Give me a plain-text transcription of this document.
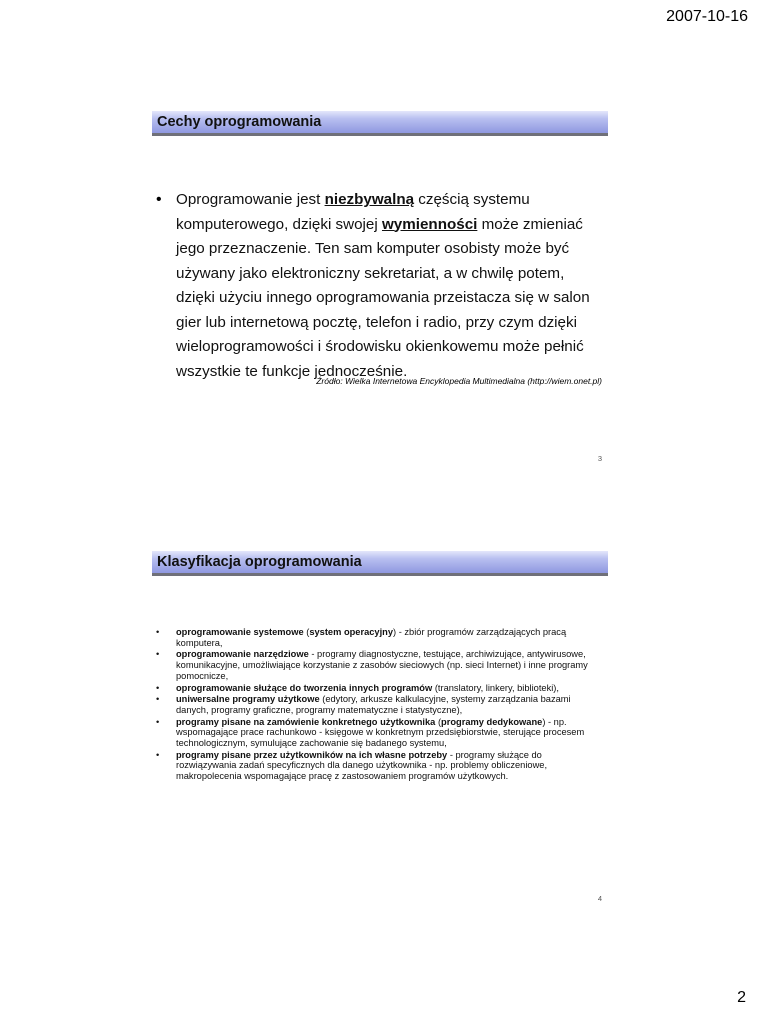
2007-10-16
Cechy oprogramowania
• Oprogramowanie jest niezbywalną częścią systemu komputerowego, dzięki swojej wymienności może zmieniać jego przeznaczenie. Ten sam komputer osobisty może być używany jako elektroniczny sekretariat, a w chwilę potem, dzięki użyciu innego oprogramowania przeistacza się w salon gier lub internetową pocztę, telefon i radio, przy czym dzięki wieloprogramowości i środowisku okienkowemu może pełnić wszystkie te funkcje jednocześnie.

Źródło: Wielka Internetowa Encyklopedia Multimedialna (http://wiem.onet.pl)
3
Klasyfikacja oprogramowania
• oprogramowanie systemowe (system operacyjny) - zbiór programów zarządzających pracą komputera,
• oprogramowanie narzędziowe - programy diagnostyczne, testujące, archiwizujące, antywirusowe, komunikacyjne, umożliwiające korzystanie z zasobów sieciowych (np. sieci Internet) i inne programy pomocnicze,
• oprogramowanie służące do tworzenia innych programów (translatory, linkery, biblioteki),
• uniwersalne programy użytkowe (edytory, arkusze kalkulacyjne, systemy zarządzania bazami danych, programy graficzne, programy matematyczne i statystyczne),
• programy pisane na zamówienie konkretnego użytkownika (programy dedykowane) - np. wspomagające prace rachunkowo - księgowe w konkretnym przedsiębiorstwie, sterujące procesem technologicznym, symulujące zachowanie się badanego systemu,
• programy pisane przez użytkowników na ich własne potrzeby - programy służące do rozwiązywania zadań specyficznych dla danego użytkownika - np. problemy obliczeniowe, makropolecenia wspomagające pracę z zastosowaniem programów użytkowych.
4
2
